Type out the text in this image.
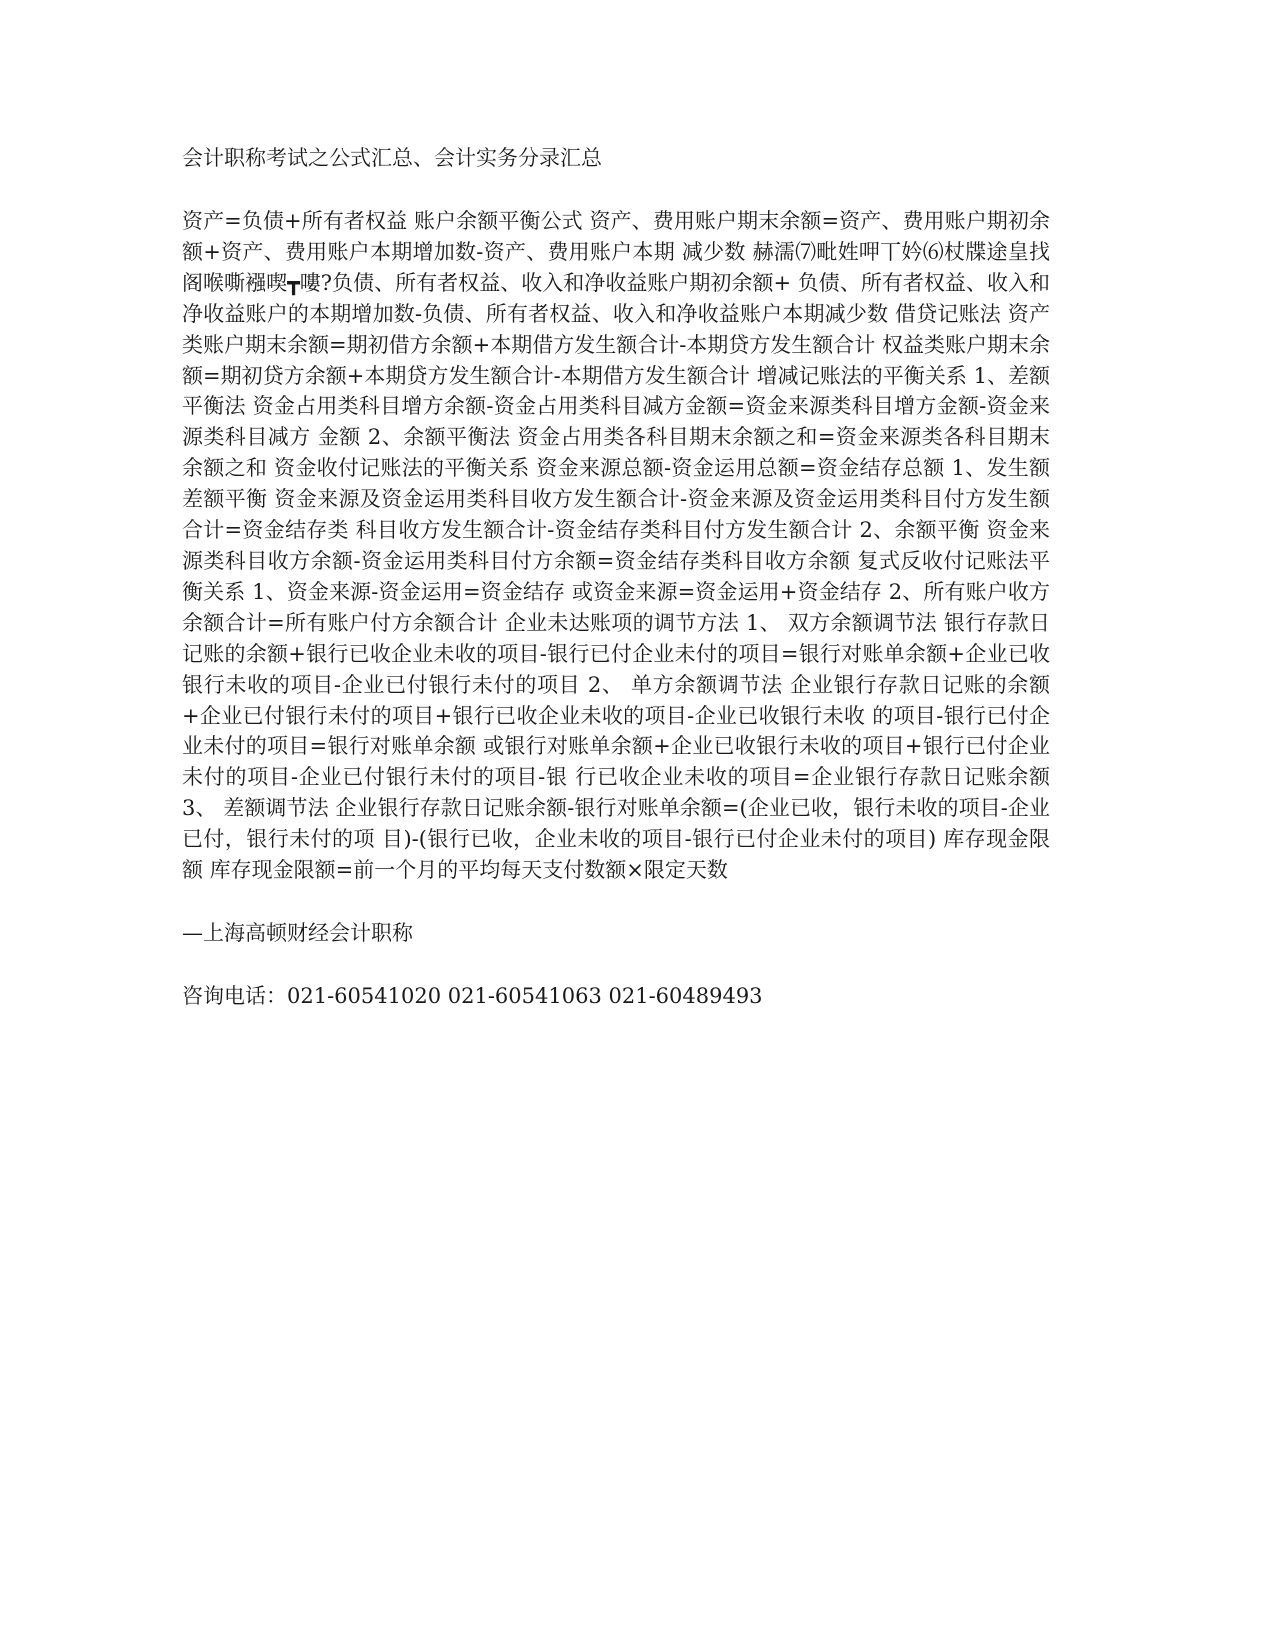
会计职称考试之公式汇总、会计实务分录汇总

资产=负债+所有者权益 账户余额平衡公式 资产、费用账户期末余额=资产、费用账户期初余额+资产、费用账户本期增加数-资产、费用账户本期 减少数 赫濡⑺毗姓呷丅妗⑹杖牒途皇找阁喉嘶襁喫┳嘍?负债、所有者权益、收入和净收益账户期初余额+ 负债、所有者权益、收入和净收益账户的本期增加数-负债、所有者权益、收入和净收益账户本期减少数 借贷记账法 资产类账户期末余额=期初借方余额+本期借方发生额合计-本期贷方发生额合计 权益类账户期末余额=期初贷方余额+本期贷方发生额合计-本期借方发生额合计 增减记账法的平衡关系 1、差额平衡法 资金占用类科目增方余额-资金占用类科目减方金额=资金来源类科目增方金额-资金来源类科目减方 金额 2、余额平衡法 资金占用类各科目期末余额之和=资金来源类各科目期末余额之和 资金收付记账法的平衡关系 资金来源总额-资金运用总额=资金结存总额 1、发生额差额平衡 资金来源及资金运用类科目收方发生额合计-资金来源及资金运用类科目付方发生额合计=资金结存类 科目收方发生额合计-资金结存类科目付方发生额合计 2、余额平衡 资金来源类科目收方余额-资金运用类科目付方余额=资金结存类科目收方余额 复式反收付记账法平衡关系 1、资金来源-资金运用=资金结存 或资金来源=资金运用+资金结存 2、所有账户收方余额合计=所有账户付方余额合计 企业未达账项的调节方法 1、 双方余额调节法 银行存款日记账的余额+银行已收企业未收的项目-银行已付企业未付的项目=银行对账单余额+企业已收银行未收的项目-企业已付银行未付的项目 2、 单方余额调节法 企业银行存款日记账的余额+企业已付银行未付的项目+银行已收企业未收的项目-企业已收银行未收 的项目-银行已付企业未付的项目=银行对账单余额 或银行对账单余额+企业已收银行未收的项目+银行已付企业未付的项目-企业已付银行未付的项目-银 行已收企业未收的项目=企业银行存款日记账余额 3、 差额调节法 企业银行存款日记账余额-银行对账单余额=(企业已收，银行未收的项目-企业已付，银行未付的项 目)-(银行已收，企业未收的项目-银行已付企业未付的项目) 库存现金限额 库存现金限额=前一个月的平均每天支付数额×限定天数

—上海高顿财经会计职称

咨询电话：021-60541020 021-60541063 021-60489493
